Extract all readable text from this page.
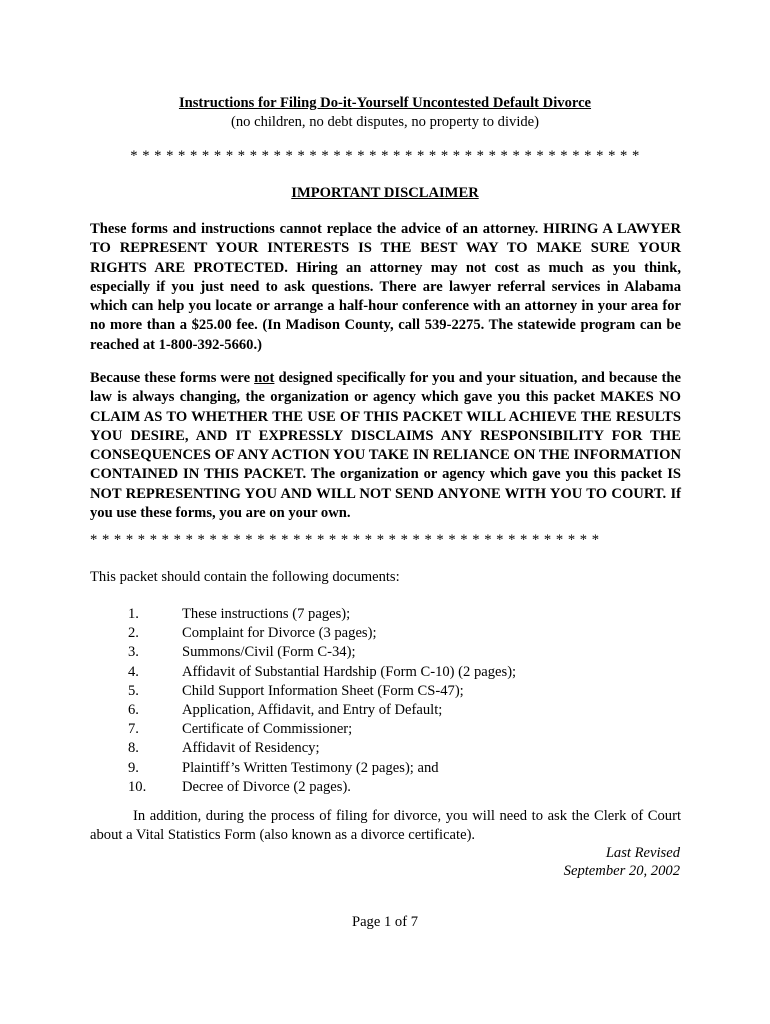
Instructions for Filing Do-it-Yourself Uncontested Default Divorce
(no children, no debt disputes, no property to divide)
* * * * * * * * * * * * * * * * * * * * * * * * * * * * * * * * * * * * * * * * * * *
IMPORTANT DISCLAIMER
These forms and instructions cannot replace the advice of an attorney. HIRING A LAWYER TO REPRESENT YOUR INTERESTS IS THE BEST WAY TO MAKE SURE YOUR RIGHTS ARE PROTECTED. Hiring an attorney may not cost as much as you think, especially if you just need to ask questions. There are lawyer referral services in Alabama which can help you locate or arrange a half-hour conference with an attorney in your area for no more than a $25.00 fee. (In Madison County, call 539-2275. The statewide program can be reached at 1-800-392-5660.)
Because these forms were not designed specifically for you and your situation, and because the law is always changing, the organization or agency which gave you this packet MAKES NO CLAIM AS TO WHETHER THE USE OF THIS PACKET WILL ACHIEVE THE RESULTS YOU DESIRE, AND IT EXPRESSLY DISCLAIMS ANY RESPONSIBILITY FOR THE CONSEQUENCES OF ANY ACTION YOU TAKE IN RELIANCE ON THE INFORMATION CONTAINED IN THIS PACKET. The organization or agency which gave you this packet IS NOT REPRESENTING YOU AND WILL NOT SEND ANYONE WITH YOU TO COURT. If you use these forms, you are on your own.
* * * * * * * * * * * * * * * * * * * * * * * * * * * * * * * * * * * * * * * * * * *
This packet should contain the following documents:
1.	These instructions (7 pages);
2.	Complaint for Divorce (3 pages);
3.	Summons/Civil (Form C-34);
4.	Affidavit of Substantial Hardship (Form C-10) (2 pages);
5.	Child Support Information Sheet (Form CS-47);
6.	Application, Affidavit, and Entry of Default;
7.	Certificate of Commissioner;
8.	Affidavit of Residency;
9.	Plaintiff’s Written Testimony (2 pages); and
10. Decree of Divorce (2 pages).
In addition, during the process of filing for divorce, you will need to ask the Clerk of Court about a Vital Statistics Form (also known as a divorce certificate).
Last Revised
September 20, 2002
Page 1 of 7
